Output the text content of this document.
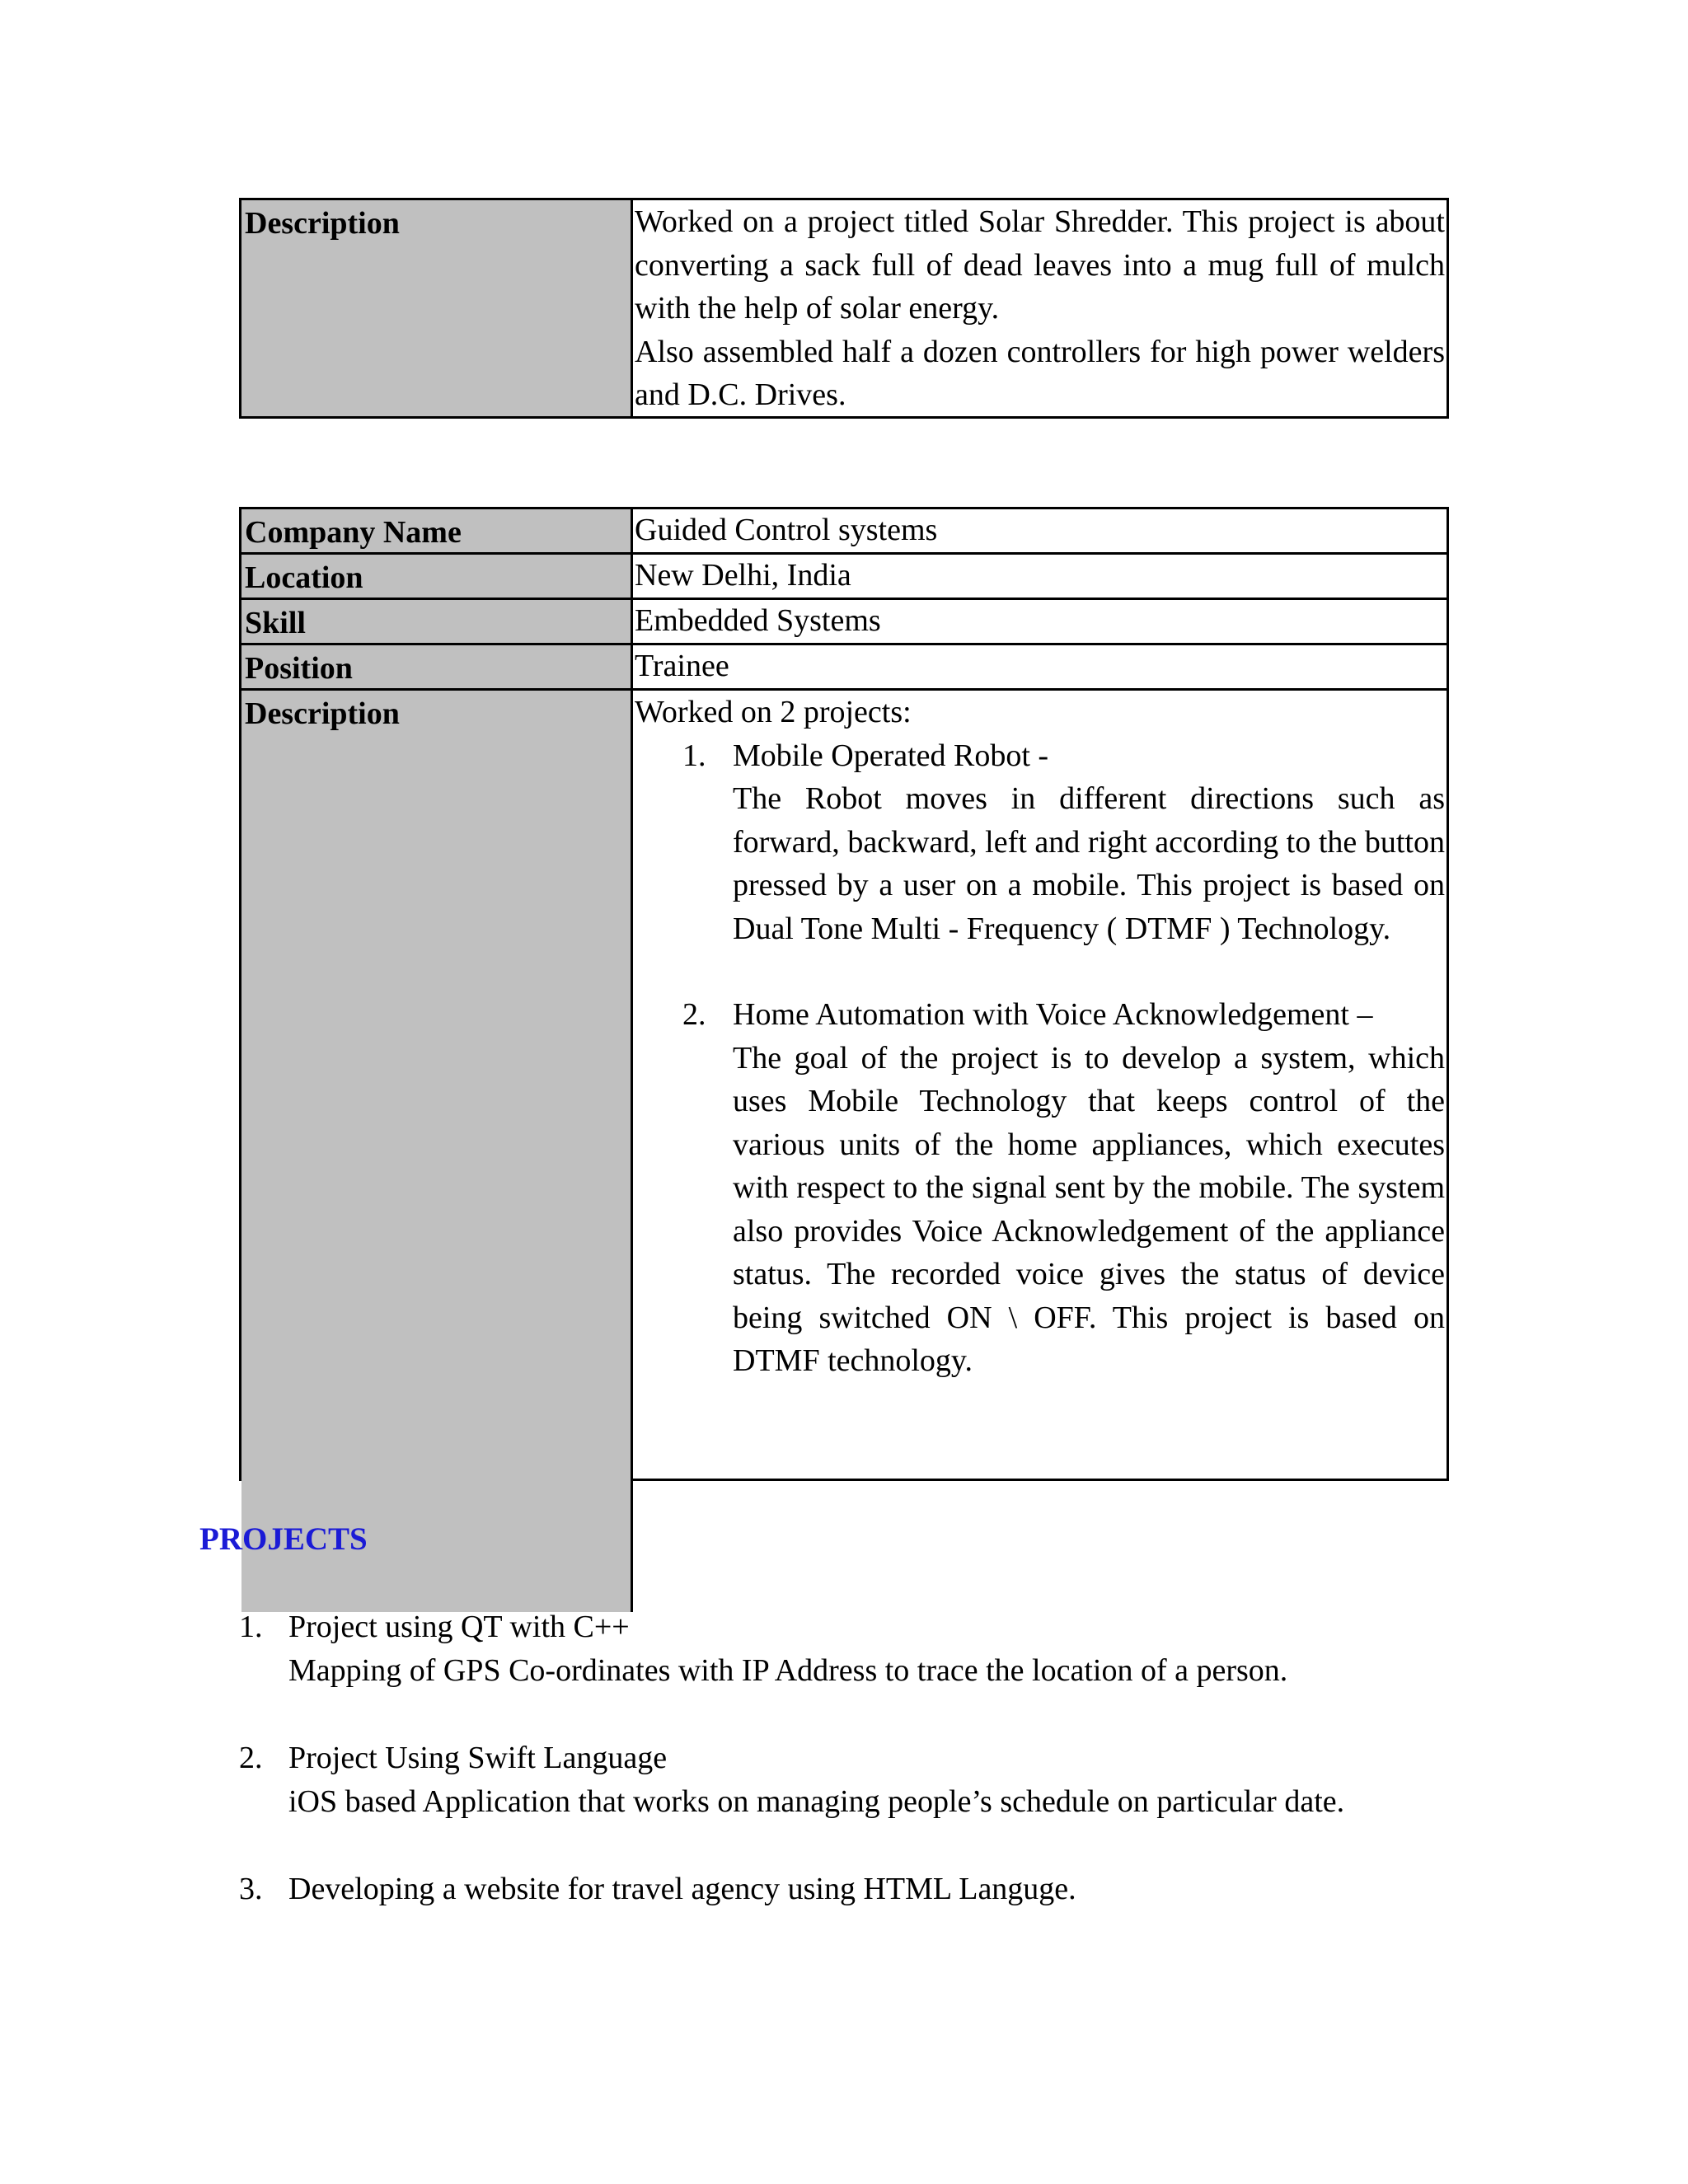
Description	Worked on a project titled Solar Shredder. This project is about converting a sack full of dead leaves into a mug full of mulch with the help of solar energy.

Also assembled half a dozen controllers for high power welders and D.C. Drives.

Company Name	Guided Control systems
Location	New Delhi, India
Skill	Embedded Systems
Position	Trainee
Description	Worked on 2 projects:
1. Mobile Operated Robot -
The Robot moves in different directions such as forward, backward, left and right according to the button pressed by a user on a mobile. This project is based on Dual Tone Multi - Frequency ( DTMF ) Technology.
2. Home Automation with Voice Acknowledgement –
The goal of the project is to develop a system, which uses Mobile Technology that keeps control of the various units of the home appliances, which executes with respect to the signal sent by the mobile. The system also provides Voice Acknowledgement of the appliance status. The recorded voice gives the status of device being switched ON \ OFF. This project is based on DTMF technology.
PROJECTS
1. Project using QT with C++
Mapping of GPS Co-ordinates with IP Address to trace the location of a person.
2. Project Using Swift Language
iOS based Application that works on managing people’s schedule on particular date.
3. Developing a website for travel agency using HTML Languge.
